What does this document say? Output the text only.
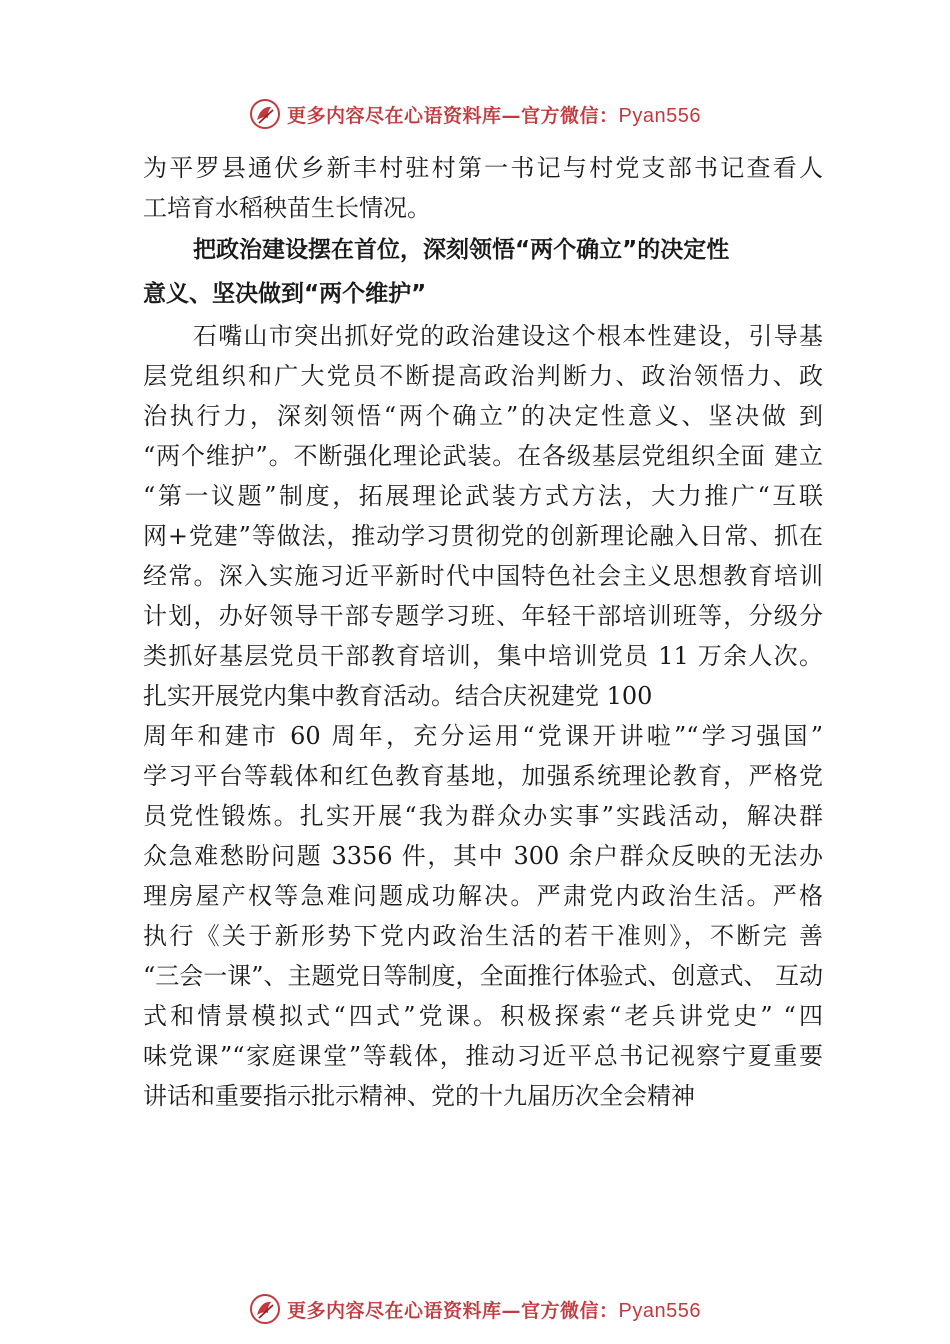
更多内容尽在心语资料库—官方微信：Pyan556
为平罗县通伏乡新丰村驻村第一书记与村党支部书记查看人
工培育水稻秧苗生长情况。
把政治建设摆在首位，深刻领悟“两个确立”的决定性
意义、坚决做到“两个维护”
石嘴山市突出抓好党的政治建设这个根本性建设，引导基
层党组织和广大党员不断提高政治判断力、政治领悟力、政
治执行力，深刻领悟“两个确立”的决定性意义、坚决做 到
“两个维护”。不断强化理论武装。在各级基层党组织全面 建立
“第一议题”制度，拓展理论武装方式方法，大力推广“互联
网+党建”等做法，推动学习贯彻党的创新理论融入日常、抓在
经常。深入实施习近平新时代中国特色社会主义思想教育培训
计划，办好领导干部专题学习班、年轻干部培训班等，分级分
类抓好基层党员干部教育培训，集中培训党员 11 万余人次。
扎实开展党内集中教育活动。结合庆祝建党 100
周年和建市 60 周年，充分运用“党课开讲啦”“学习强国”
学习平台等载体和红色教育基地，加强系统理论教育，严格党
员党性锻炼。扎实开展“我为群众办实事”实践活动，解决群
众急难愁盼问题 3356 件，其中 300 余户群众反映的无法办
理房屋产权等急难问题成功解决。严肃党内政治生活。严格
执行《关于新形势下党内政治生活的若干准则》，不断完 善
“三会一课”、主题党日等制度，全面推行体验式、创意式、 互动
式和情景模拟式“四式”党课。积极探索“老兵讲党史” “四
味党课”“家庭课堂”等载体，推动习近平总书记视察宁夏重要
讲话和重要指示批示精神、党的十九届历次全会精神
更多内容尽在心语资料库—官方微信：Pyan556
